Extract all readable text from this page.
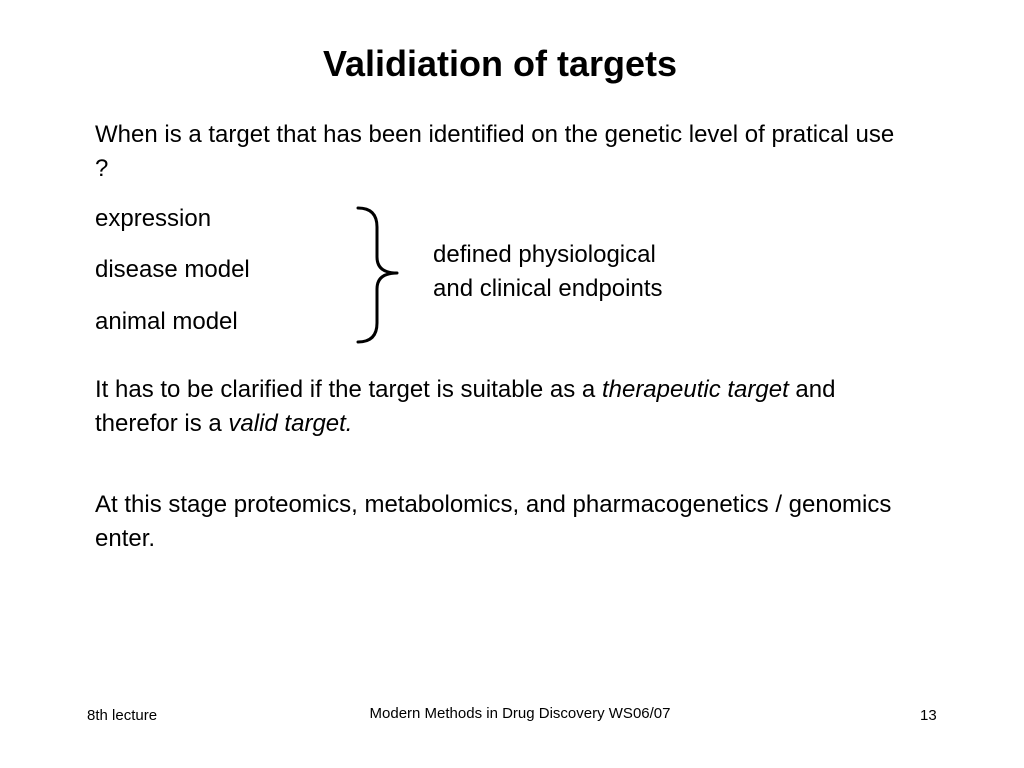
Validiation of targets
When is a target that has been identified on the genetic level of pratical use ?
expression
disease model
animal model
defined physiological
and clinical endpoints
It has to be clarified if the target is suitable as a therapeutic target and therefor is a valid target.
At this stage proteomics, metabolomics, and pharmacogenetics / genomics enter.
8th lecture	Modern Methods in Drug Discovery WS06/07	13
